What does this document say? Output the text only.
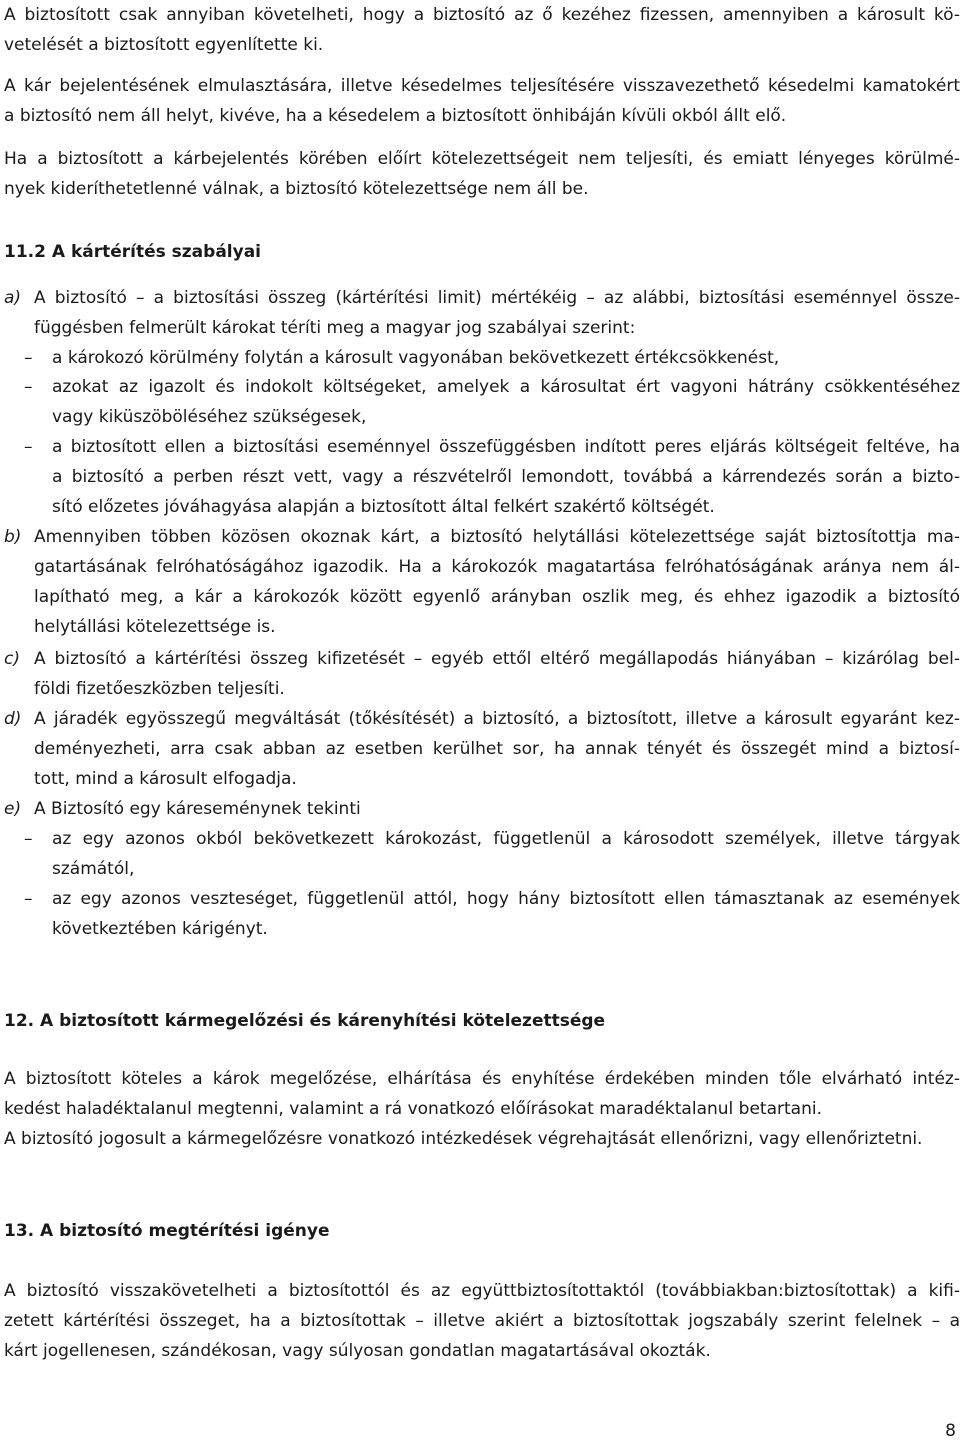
A biztosított csak annyiban követelheti, hogy a biztosító az ő kezéhez fizessen, amennyiben a károsult kö-
vetelését a biztosított egyenlítette ki.
A kár bejelentésének elmulasztására, illetve késedelmes teljesítésére visszavezethető késedelmi kamatokért
a biztosító nem áll helyt, kivéve, ha a késedelem a biztosított önhibáján kívüli okból állt elő.
Ha a biztosított a kárbejelentés körében előírt kötelezettségeit nem teljesíti, és emiatt lényeges körülmé-
nyek kideríthetetlenné válnak, a biztosító kötelezettsége nem áll be.
11.2 A kártérítés szabályai
a) A biztosító – a biztosítási összeg (kártérítési limit) mértékéig – az alábbi, biztosítási eseménnyel össze-
függésben felmerült károkat téríti meg a magyar jog szabályai szerint:
– a károkozó körülmény folytán a károsult vagyonában bekövetkezett értékcsökkenést,
– azokat az igazolt és indokolt költségeket, amelyek a károsultat ért vagyoni hátrány csökkentéséhez
vagy kiküszöböléséhez szükségesek,
– a biztosított ellen a biztosítási eseménnyel összefüggésben indított peres eljárás költségeit feltéve, ha
a biztosító a perben részt vett, vagy a részvételről lemondott, továbbá a kárrendezés során a bizto-
sító előzetes jóváhagyása alapján a biztosított által felkért szakértő költségét.
b) Amennyiben többen közösen okoznak kárt, a biztosító helytállási kötelezettsége saját biztosítottja ma-
gatartásának felróhatóságához igazodik. Ha a károkozók magatartása felróhatóságának aránya nem ál-
lapítható meg, a kár a károkozók között egyenlő arányban oszlik meg, és ehhez igazodik a biztosító
helytállási kötelezettsége is.
c) A biztosító a kártérítési összeg kifizetését – egyéb ettől eltérő megállapodás hiányában – kizárólag bel-
földi fizetőeszközben teljesíti.
d) A járadék egyösszegű megváltását (tőkésítését) a biztosító, a biztosított, illetve a károsult egyaránt kez-
deményezheti, arra csak abban az esetben kerülhet sor, ha annak tényét és összegét mind a biztosí-
tott, mind a károsult elfogadja.
e) A Biztosító egy káreseménynek tekinti
– az egy azonos okból bekövetkezett károkozást, függetlenül a károsodott személyek, illetve tárgyak
számától,
– az egy azonos veszteséget, függetlenül attól, hogy hány biztosított ellen támasztanak az események
következtében kárigényt.
12. A biztosított kármegelőzési és kárenyhítési kötelezettsége
A biztosított köteles a károk megelőzése, elhárítása és enyhítése érdekében minden tőle elvárható intéz-
kedést haladéktalanul megtenni, valamint a rá vonatkozó előírásokat maradéktalanul betartani.
A biztosító jogosult a kármegelőzésre vonatkozó intézkedések végrehajtását ellenőrizni, vagy ellenőriztetni.
13. A biztosító megtérítési igénye
A biztosító visszakövetelheti a biztosítottól és az együttbiztosítottaktól (továbbiakban:biztosítottak) a kifi-
zetett kártérítési összeget, ha a biztosítottak – illetve akiért a biztosítottak jogszabály szerint felelnek – a
kárt jogellenesen, szándékosan, vagy súlyosan gondatlan magatartásával okozták.
8
